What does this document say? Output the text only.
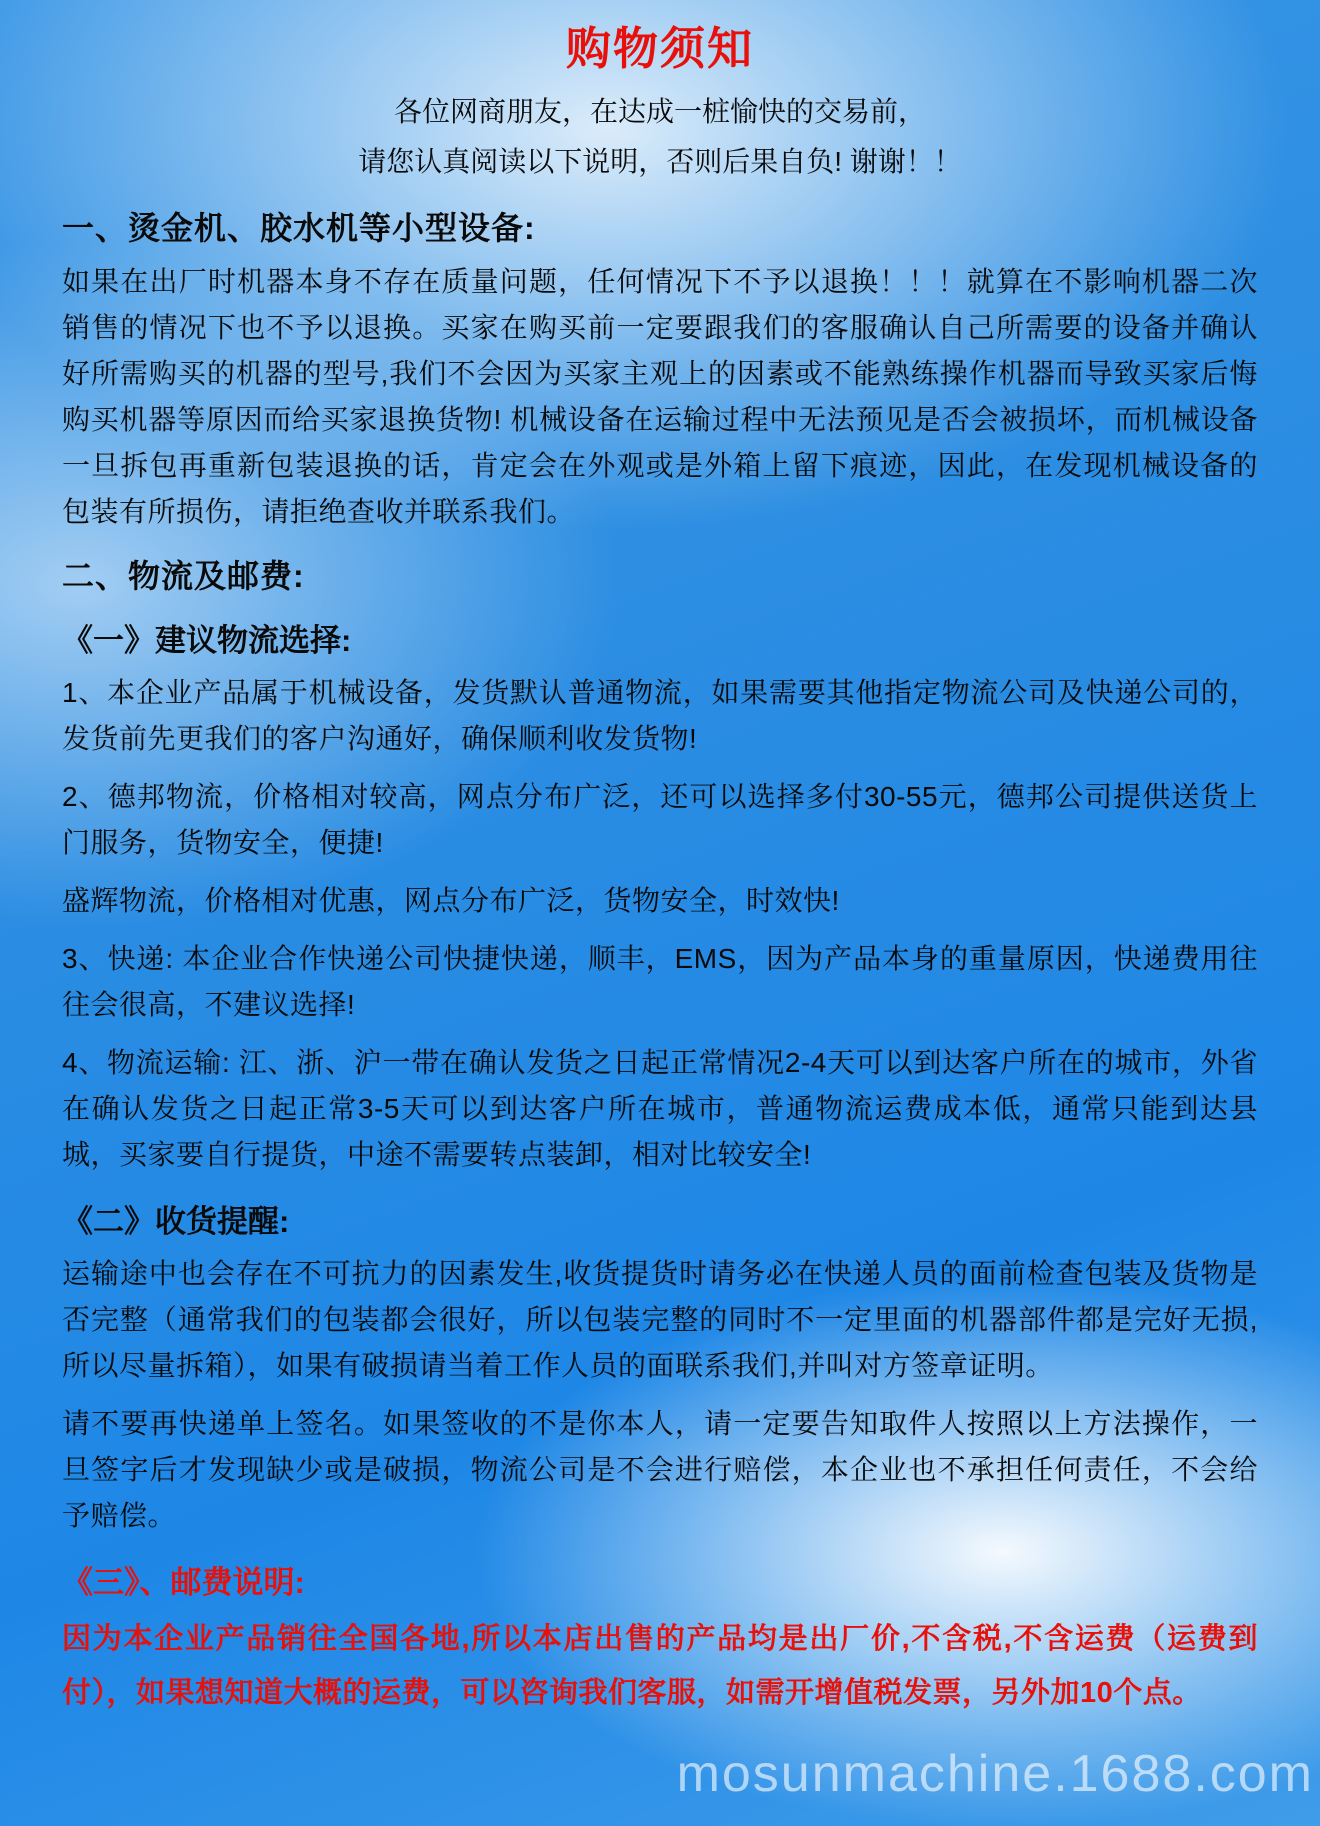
购物须知

各位网商朋友，在达成一桩愉快的交易前，

请您认真阅读以下说明，否则后果自负! 谢谢！！

一、烫金机、胶水机等小型设备:

如果在出厂时机器本身不存在质量问题，任何情况下不予以退换！！！就算在不影响机器二次销售的情况下也不予以退换。买家在购买前一定要跟我们的客服确认自己所需要的设备并确认好所需购买的机器的型号,我们不会因为买家主观上的因素或不能熟练操作机器而导致买家后悔购买机器等原因而给买家退换货物! 机械设备在运输过程中无法预见是否会被损坏，而机械设备一旦拆包再重新包装退换的话，肯定会在外观或是外箱上留下痕迹，因此，在发现机械设备的包装有所损伤，请拒绝查收并联系我们。

二、物流及邮费:
《一》建议物流选择:

1、本企业产品属于机械设备，发货默认普通物流，如果需要其他指定物流公司及快递公司的，发货前先更我们的客户沟通好，确保顺利收发货物!

2、德邦物流，价格相对较高，网点分布广泛，还可以选择多付30-55元，德邦公司提供送货上门服务，货物安全，便捷!

盛辉物流，价格相对优惠，网点分布广泛，货物安全，时效快!

3、快递: 本企业合作快递公司快捷快递，顺丰，EMS，因为产品本身的重量原因，快递费用往往会很高，不建议选择!

4、物流运输: 江、浙、沪一带在确认发货之日起正常情况2-4天可以到达客户所在的城市，外省在确认发货之日起正常3-5天可以到达客户所在城市，普通物流运费成本低，通常只能到达县城，买家要自行提货，中途不需要转点装卸，相对比较安全!

《二》收货提醒:

运输途中也会存在不可抗力的因素发生,收货提货时请务必在快递人员的面前检查包装及货物是否完整（通常我们的包装都会很好，所以包装完整的同时不一定里面的机器部件都是完好无损,所以尽量拆箱），如果有破损请当着工作人员的面联系我们,并叫对方签章证明。

请不要再快递单上签名。如果签收的不是你本人，请一定要告知取件人按照以上方法操作，一旦签字后才发现缺少或是破损，物流公司是不会进行赔偿，本企业也不承担任何责任，不会给予赔偿。

《三》、邮费说明:

因为本企业产品销往全国各地,所以本店出售的产品均是出厂价,不含税,不含运费（运费到付），如果想知道大概的运费，可以咨询我们客服，如需开增值税发票，另外加10个点。

mosunmachine.1688.com
